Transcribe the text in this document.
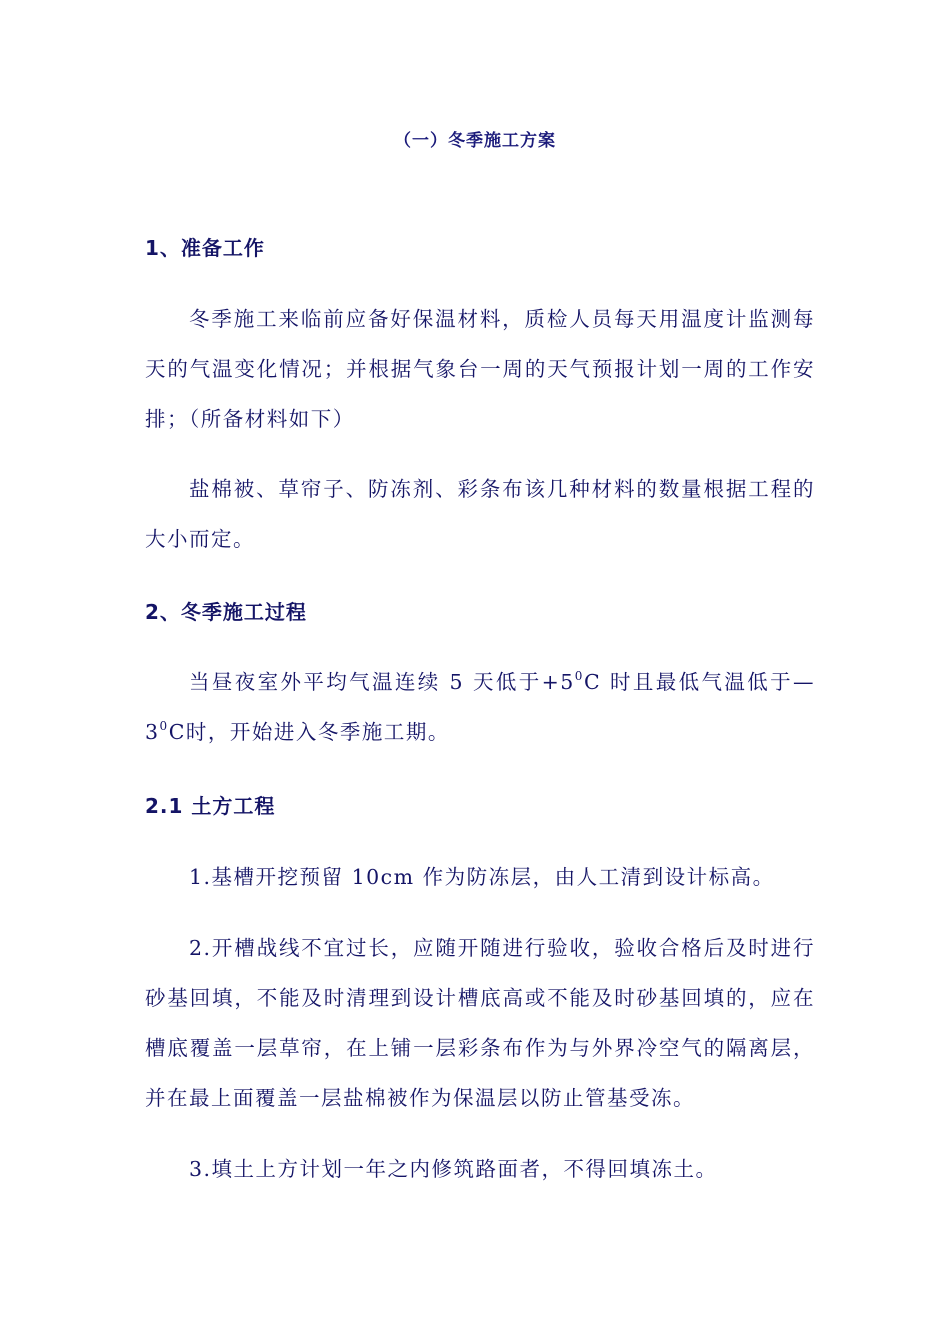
（一）冬季施工方案
1、准备工作
冬季施工来临前应备好保温材料，质检人员每天用温度计监测每天的气温变化情况；并根据气象台一周的天气预报计划一周的工作安排；（所备材料如下）
盐棉被、草帘子、防冻剂、彩条布该几种材料的数量根据工程的大小而定。
2、冬季施工过程
当昼夜室外平均气温连续 5 天低于$+5^0C$ 时且最低气温低于$—3^0C$时，开始进入冬季施工期。
2.1 土方工程
1.基槽开挖预留 10cm 作为防冻层，由人工清到设计标高。
2.开槽战线不宜过长，应随开随进行验收，验收合格后及时进行砂基回填，不能及时清理到设计槽底高或不能及时砂基回填的，应在槽底覆盖一层草帘，在上铺一层彩条布作为与外界冷空气的隔离层，并在最上面覆盖一层盐棉被作为保温层以防止管基受冻。
3.填土上方计划一年之内修筑路面者，不得回填冻土。
